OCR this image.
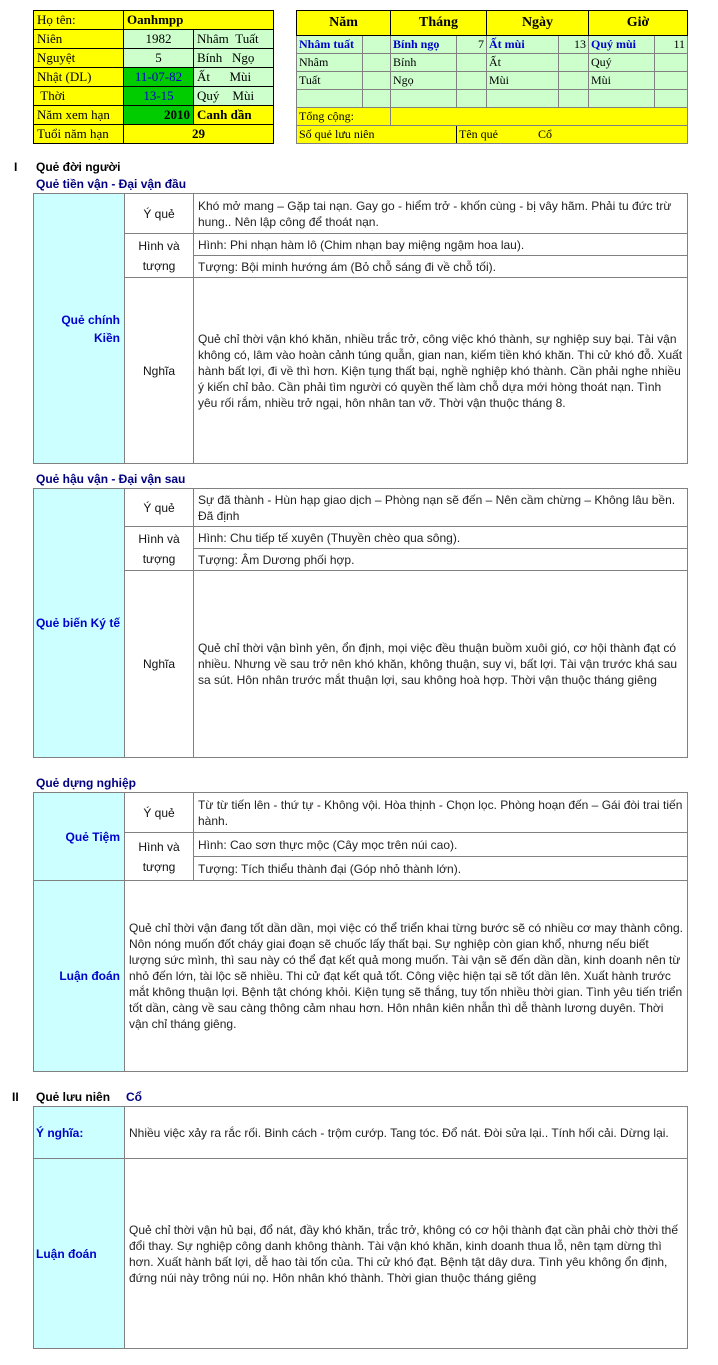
Họ tên:	Oanhmpp	
Niên	1982	Nhâm Tuất
Nguyệt	5	Bính Ngọ
Nhật (DL)	11-07-82	Ất Mùi
Thời	13-15	Quý Mùi
Năm xem hạn	2010	Canh dần
Tuổi năm hạn	29	
Năm		Tháng		Ngày		Giờ	
Nhâm tuất		Bính ngọ	7	Ất mùi	13	Quý mùi	11
Nhâm		Bính		Ất		Quý	
Tuất		Ngọ		Mùi		Mùi	

Tổng cộng:							
Số quẻ lưu niên			Tên quẻ Cổ				
I Quẻ đời người
Quẻ tiền vận - Đại vận đầu
Quẻ chính Kiền	Ý quẻ	Khó mở mang – Gặp tai nạn. Gay go - hiểm trở - khốn cùng - bị vây hãm. Phải tu đức trừ hung.. Nên lập công để thoát nạn.
	Hình và tượng	Hình: Phi nhạn hàm lô (Chim nhạn bay miệng ngậm hoa lau).
		Tượng: Bội minh hướng ám (Bỏ chỗ sáng đi về chỗ tối).
	Nghĩa	Quẻ chỉ thời vận khó khăn, nhiều trắc trở, công việc khó thành, sự nghiệp suy bại. Tài vận không có, lâm vào hoàn cảnh túng quẫn, gian nan, kiếm tiền khó khăn. Thi cử khó đỗ. Xuất hành bất lợi, đi về thì hơn. Kiện tụng thất bại, nghề nghiệp khó thành. Cần phải nghe nhiều ý kiến chỉ bảo. Cần phải tìm người có quyền thế làm chỗ dựa mới hòng thoát nạn. Tình yêu rối rắm, nhiều trở ngại, hôn nhân tan vỡ. Thời vận thuộc tháng 8.
Quẻ hậu vận - Đại vận sau
Quẻ biến Ký tế	Ý quẻ	Sự đã thành - Hùn hạp giao dịch – Phòng nạn sẽ đến – Nên cầm chừng – Không lâu bền. Đã định
	Hình và tượng	Hình: Chu tiếp tế xuyên (Thuyền chèo qua sông).
		Tượng: Âm Dương phối hợp.
	Nghĩa	Quẻ chỉ thời vận bình yên, ổn định, mọi việc đều thuận buồm xuôi gió, cơ hội thành đạt có nhiều. Nhưng về sau trở nên khó khăn, không thuận, suy vi, bất lợi. Tài vận trước khá sau sa sút. Hôn nhân trước mắt thuận lợi, sau không hoà hợp. Thời vận thuộc tháng giêng
Quẻ dựng nghiệp
Quẻ Tiệm	Ý quẻ	Từ từ tiến lên - thứ tự - Không vội. Hòa thịnh - Chọn lọc. Phòng hoạn đến – Gái đòi trai tiến hành.
	Hình và tượng	Hình: Cao sơn thực mộc (Cây mọc trên núi cao).
		Tượng: Tích thiểu thành đại (Góp nhỏ thành lớn).
Luận đoán	Quẻ chỉ thời vận đang tốt dần dần, mọi việc có thể triển khai từng bước sẽ có nhiều cơ may thành công. Nôn nóng muốn đốt cháy giai đoạn sẽ chuốc lấy thất bại. Sự nghiệp còn gian khổ, nhưng nếu biết lượng sức mình, thì sau này có thể đạt kết quả mong muốn. Tài vận sẽ đến dần dần, kinh doanh nên từ nhỏ đến lớn, tài lộc sẽ nhiều. Thi cử đạt kết quả tốt. Công việc hiện tại sẽ tốt dần lên. Xuất hành trước mắt không thuận lợi. Bệnh tật chóng khỏi. Kiện tụng sẽ thắng, tuy tốn nhiều thời gian. Tình yêu tiến triển tốt dần, càng về sau càng thông cảm nhau hơn. Hôn nhân kiên nhẫn thì dễ thành lương duyên. Thời vận chỉ tháng giêng.	
II Quẻ lưu niên Cổ
Ý nghĩa:	Nhiều việc xảy ra rắc rối. Binh cách - trộm cướp. Tang tóc. Đổ nát. Đòi sửa lại.. Tính hối cải. Dừng lại.
Luận đoán	Quẻ chỉ thời vận hủ bại, đổ nát, đầy khó khăn, trắc trở, không có cơ hội thành đạt cần phải chờ thời thế đổi thay. Sự nghiệp công danh không thành. Tài vận khó khăn, kinh doanh thua lỗ, nên tạm dừng thì hơn. Xuất hành bất lợi, dễ hao tài tốn của. Thi cử khó đạt. Bệnh tật dây dưa. Tình yêu không ổn định, đứng núi này trông núi nọ. Hôn nhân khó thành. Thời gian thuộc tháng giêng
